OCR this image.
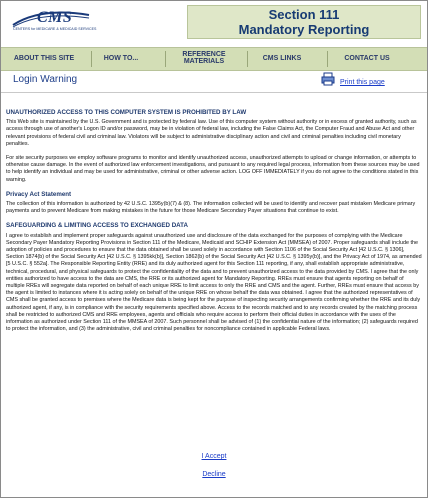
CMS
CENTERS for MEDICARE & MEDICAID SERVICES
Section 111
Mandatory Reporting
ABOUT THIS SITE	HOW TO...
REFERENCE MATERIALS	CMS LINKS	CONTACT US
Login Warning	Print this page
UNAUTHORIZED ACCESS TO THIS COMPUTER SYSTEM IS PROHIBITED BY LAW

This Web site is maintained by the U.S. Government and is protected by federal law. Use of this computer system without authority or in excess of granted authority, such as access through use of another's Logon ID and/or password, may be in violation of federal law, including the False Claims Act, the Computer Fraud and Abuse Act and other relevant provisions of federal civil and criminal law. Violators will be subject to administrative disciplinary action and civil and criminal penalties including civil monetary penalties.

For site security purposes we employ software programs to monitor and identify unauthorized access, unauthorized attempts to upload or change information, or attempts to otherwise cause damage. In the event of authorized law enforcement investigations, and pursuant to any required legal process, information from these sources may be used to help identify an individual and may be used for administrative, criminal or other adverse action. LOG OFF IMMEDIATELY if you do not agree to the conditions stated in this warning.

Privacy Act Statement

The collection of this information is authorized by 42 U.S.C. 1395y(b)(7) & (8). The information collected will be used to identify and recover past mistaken Medicare primary payments and to prevent Medicare from making mistakes in the future for those Medicare Secondary Payer situations that continue to exist.

SAFEGUARDING & LIMITING ACCESS TO EXCHANGED DATA

I agree to establish and implement proper safeguards against unauthorized use and disclosure of the data exchanged for the purposes of complying with the Medicare Secondary Payer Mandatory Reporting Provisions in Section 111 of the Medicare, Medicaid and SCHIP Extension Act (MMSEA) of 2007. Proper safeguards shall include the adoption of policies and procedures to ensure that the data obtained shall be used solely in accordance with Section 1106 of the Social Security Act [42 U.S.C. § 1306], Section 1874(b) of the Social Security Act [42 U.S.C. § 1395kk(b)], Section 1862(b) of the Social Security Act [42 U.S.C. § 1395y(b)], and the Privacy Act of 1974, as amended [5 U.S.C. § 552a]. The Responsible Reporting Entity (RRE) and its duly authorized agent for this Section 111 reporting, if any, shall establish appropriate administrative, technical, procedural, and physical safeguards to protect the confidentiality of the data and to prevent unauthorized access to the data provided by CMS. I agree that the only entities authorized to have access to the data are CMS, the RRE or its authorized agent for Mandatory Reporting. RREs must ensure that agents reporting on behalf of multiple RREs will segregate data reported on behalf of each unique RRE to limit access to only the RRE and CMS and the agent. Further, RREs must ensure that access by the agent is limited to instances where it is acting solely on behalf of the unique RRE on whose behalf the data was obtained. I agree that the authorized representatives of CMS shall be granted access to premises where the Medicare data is being kept for the purpose of inspecting security arrangements confirming whether the RRE and its duly authorized agent, if any, is in compliance with the security requirements specified above. Access to the records matched and to any records created by the matching process shall be restricted to authorized CMS and RRE employees, agents and officials who require access to perform their official duties in accordance with the uses of the information as authorized under Section 111 of the MMSEA of 2007. Such personnel shall be advised of (1) the confidential nature of the information; (2) safeguards required to protect the information, and (3) the administrative, civil and criminal penalties for noncompliance contained in applicable Federal laws.

I Accept
Decline
